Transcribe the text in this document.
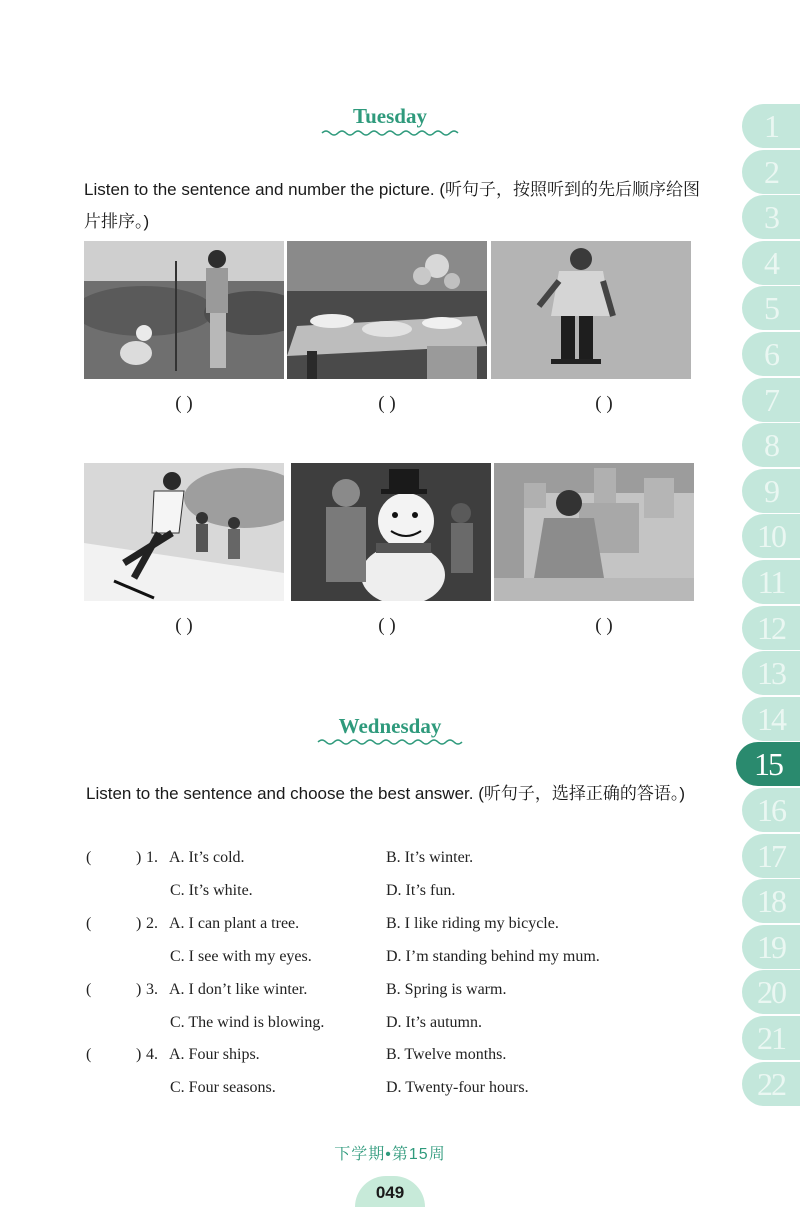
Tuesday
Listen to the sentence and number the picture. (听句子，按照听到的先后顺序给图片排序。)
( )	( )	( )
( )	( )	( )
Wednesday
Listen to the sentence and choose the best answer. (听句子，选择正确的答语。)
(	) 1. A. It’s cold.	B. It’s winter.
C. It’s white.	D. It’s fun.
(	) 2. A. I can plant a tree.	B. I like riding my bicycle.
C. I see with my eyes.	D. I’m standing behind my mum.
(	) 3. A. I don’t like winter.	B. Spring is warm.
C. The wind is blowing.	D. It’s autumn.
(	) 4. A. Four ships.	B. Twelve months.
C. Four seasons.	D. Twenty-four hours.
1
2
3
4
5
6
7
8
9
10
11
12
13
14
15
16
17
18
19
20
21
22
下学期•第15周
049
